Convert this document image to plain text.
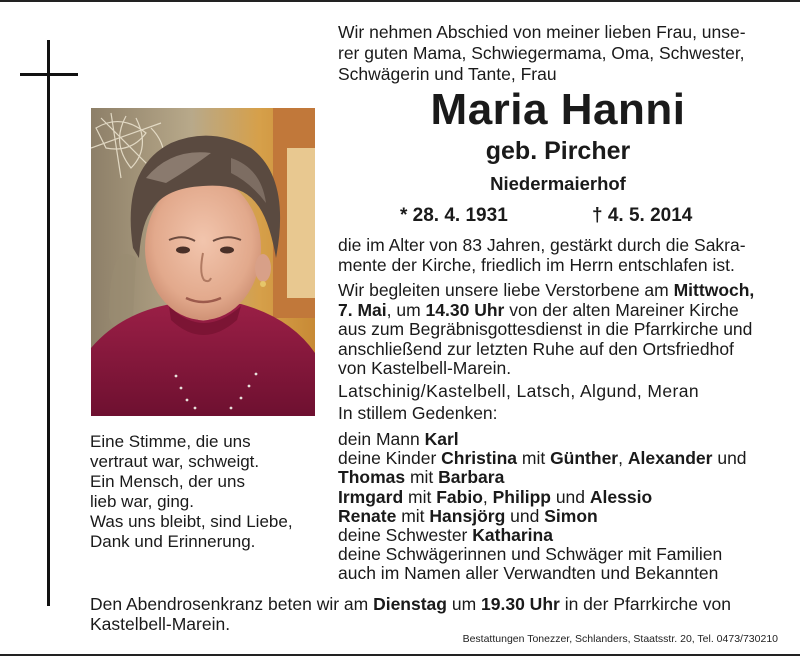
Eine Stimme, die uns
vertraut war, schweigt.
Ein Mensch, der uns
lieb war, ging.
Was uns bleibt, sind Liebe,
Dank und Erinnerung.
Wir nehmen Abschied von meiner lieben Frau, unse-
rer guten Mama, Schwiegermama, Oma, Schwester,
Schwägerin und Tante, Frau
Maria Hanni
geb. Pircher
Niedermaierhof
* 28. 4. 1931	† 4. 5. 2014
die im Alter von 83 Jahren, gestärkt durch die Sakra-
mente der Kirche, friedlich im Herrn entschlafen ist.
Wir begleiten unsere liebe Verstorbene am Mittwoch,
7. Mai, um 14.30 Uhr von der alten Mareiner Kirche
aus zum Begräbnisgottesdienst in die Pfarrkirche und
anschließend zur letzten Ruhe auf den Ortsfriedhof
von Kastelbell-Marein.
Latschinig/Kastelbell, Latsch, Algund, Meran
In stillem Gedenken:
dein Mann Karl
deine Kinder Christina mit Günther, Alexander und
Thomas mit Barbara
Irmgard mit Fabio, Philipp und Alessio
Renate mit Hansjörg und Simon
deine Schwester Katharina
deine Schwägerinnen und Schwäger mit Familien
auch im Namen aller Verwandten und Bekannten
Den Abendrosenkranz beten wir am Dienstag um 19.30 Uhr in der Pfarrkirche von
Kastelbell-Marein.
Bestattungen Tonezzer, Schlanders, Staatsstr. 20, Tel. 0473/730210
